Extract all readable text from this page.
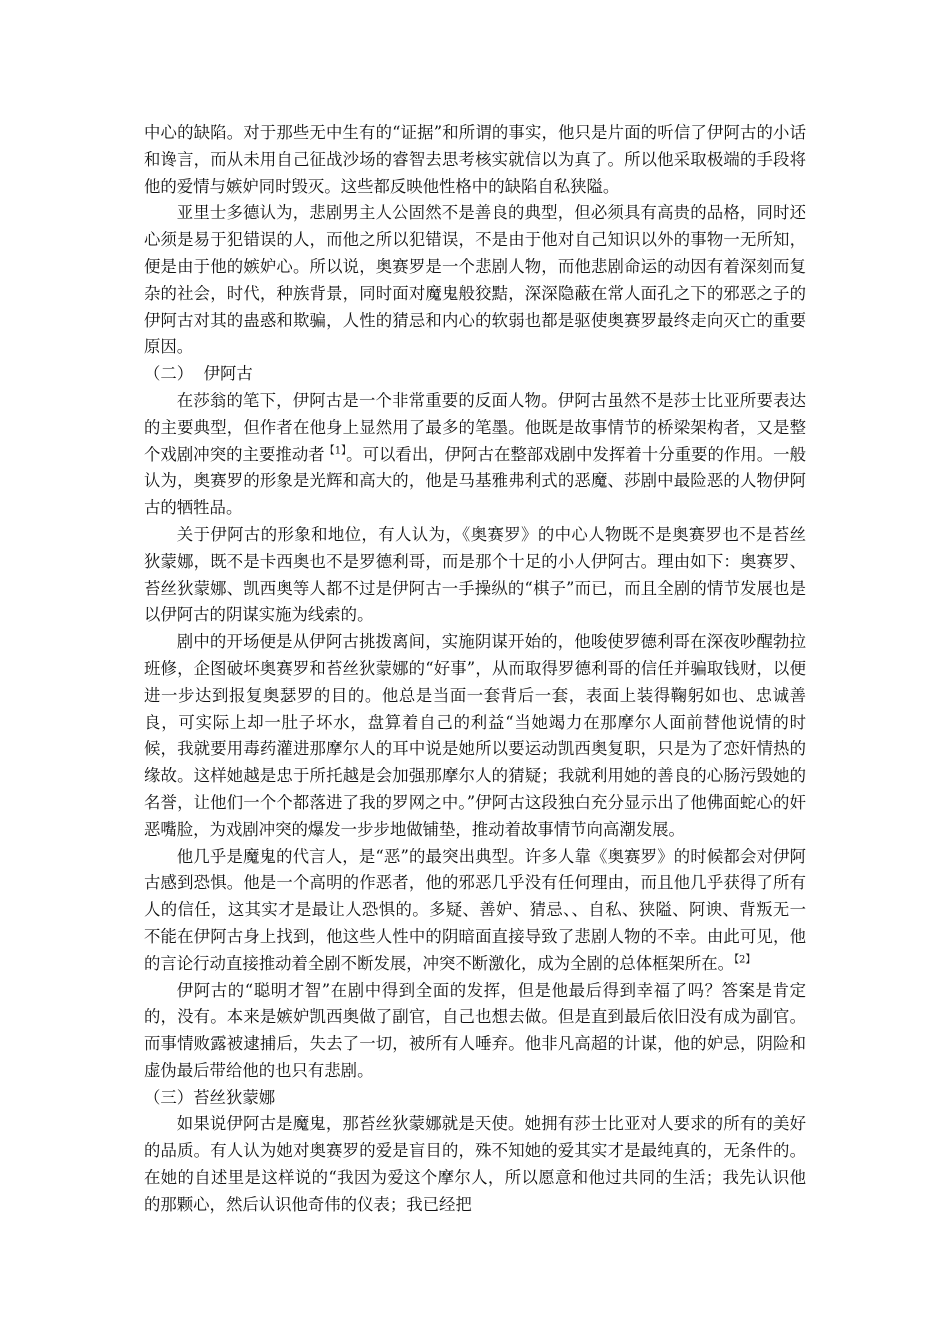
中心的缺陷。对于那些无中生有的“证据”和所谓的事实，他只是片面的听信了伊阿古的小话和谗言，而从未用自己征战沙场的睿智去思考核实就信以为真了。所以他采取极端的手段将他的爱情与嫉妒同时毁灭。这些都反映他性格中的缺陷自私狭隘。

亚里士多德认为，悲剧男主人公固然不是善良的典型，但必须具有高贵的品格，同时还心须是易于犯错误的人，而他之所以犯错误，不是由于他对自己知识以外的事物一无所知，便是由于他的嫉妒心。所以说，奥赛罗是一个悲剧人物，而他悲剧命运的动因有着深刻而复杂的社会，时代，种族背景，同时面对魔鬼般狡黠，深深隐蔽在常人面孔之下的邪恶之子的伊阿古对其的蛊惑和欺骗，人性的猜忌和内心的软弱也都是驱使奥赛罗最终走向灭亡的重要原因。

（二）  伊阿古

在莎翁的笔下，伊阿古是一个非常重要的反面人物。伊阿古虽然不是莎士比亚所要表达的主要典型，但作者在他身上显然用了最多的笔墨。他既是故事情节的桥梁架构者，又是整个戏剧冲突的主要推动者$^{【1】}$。可以看出，伊阿古在整部戏剧中发挥着十分重要的作用。一般认为，奥赛罗的形象是光辉和高大的，他是马基雅弗利式的恶魔、莎剧中最险恶的人物伊阿古的牺牲品。

关于伊阿古的形象和地位，有人认为，《奥赛罗》的中心人物既不是奥赛罗也不是苔丝狄蒙娜，既不是卡西奥也不是罗德利哥，而是那个十足的小人伊阿古。理由如下：奥赛罗、苔丝狄蒙娜、凯西奥等人都不过是伊阿古一手操纵的“棋子”而已，而且全剧的情节发展也是以伊阿古的阴谋实施为线索的。

剧中的开场便是从伊阿古挑拨离间，实施阴谋开始的，他唆使罗德利哥在深夜吵醒勃拉班修，企图破坏奥赛罗和苔丝狄蒙娜的“好事”，从而取得罗德利哥的信任并骗取钱财，以便进一步达到报复奥瑟罗的目的。他总是当面一套背后一套，表面上装得鞠躬如也、忠诚善良，可实际上却一肚子坏水，盘算着自己的利益“当她竭力在那摩尔人面前替他说情的时候，我就要用毒药灌进那摩尔人的耳中说是她所以要运动凯西奥复职，只是为了恋奸情热的缘故。这样她越是忠于所托越是会加强那摩尔人的猜疑；我就利用她的善良的心肠污毁她的名誉，让他们一个个都落进了我的罗网之中。”伊阿古这段独白充分显示出了他佛面蛇心的奸恶嘴脸，为戏剧冲突的爆发一步步地做铺垫，推动着故事情节向高潮发展。

他几乎是魔鬼的代言人，是“恶”的最突出典型。许多人靠《奥赛罗》的时候都会对伊阿古感到恐惧。他是一个高明的作恶者，他的邪恶几乎没有任何理由，而且他几乎获得了所有人的信任，这其实才是最让人恐惧的。多疑、善妒、猜忌、、自私、狭隘、阿谀、背叛无一不能在伊阿古身上找到，他这些人性中的阴暗面直接导致了悲剧人物的不幸。由此可见，他的言论行动直接推动着全剧不断发展，冲突不断激化，成为全剧的总体框架所在。$^{【2】}$

伊阿古的“聪明才智”在剧中得到全面的发挥，但是他最后得到幸福了吗？答案是肯定的，没有。本来是嫉妒凯西奥做了副官，自己也想去做。但是直到最后依旧没有成为副官。而事情败露被逮捕后，失去了一切，被所有人唾弃。他非凡高超的计谋，他的妒忌，阴险和虚伪最后带给他的也只有悲剧。

（三）苔丝狄蒙娜

如果说伊阿古是魔鬼，那苔丝狄蒙娜就是天使。她拥有莎士比亚对人要求的所有的美好的品质。有人认为她对奥赛罗的爱是盲目的，殊不知她的爱其实才是最纯真的，无条件的。在她的自述里是这样说的“我因为爱这个摩尔人，所以愿意和他过共同的生活；我先认识他的那颗心，然后认识他奇伟的仪表；我已经把
